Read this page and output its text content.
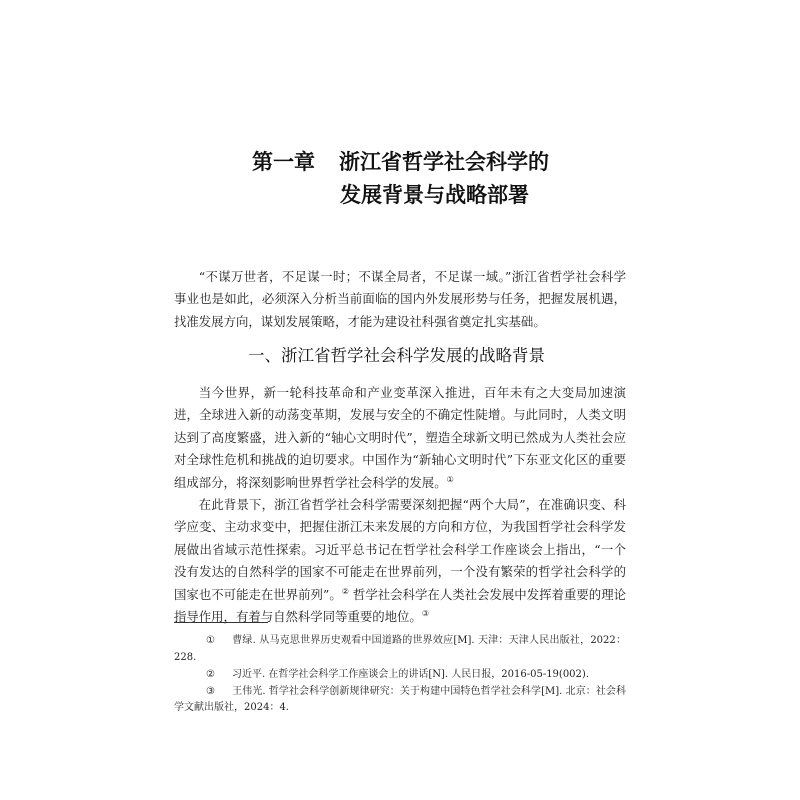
第一章 浙江省哲学社会科学的
发展背景与战略部署

“不谋万世者，不足谋一时；不谋全局者，不足谋一域。”浙江省哲学社会科学事业也是如此，必须深入分析当前面临的国内外发展形势与任务，把握发展机遇，找准发展方向，谋划发展策略，才能为建设社科强省奠定扎实基础。

一、浙江省哲学社会科学发展的战略背景

当今世界，新一轮科技革命和产业变革深入推进，百年未有之大变局加速演进，全球进入新的动荡变革期，发展与安全的不确定性陡增。与此同时，人类文明达到了高度繁盛，进入新的“轴心文明时代”，塑造全球新文明已然成为人类社会应对全球性危机和挑战的迫切要求。中国作为“新轴心文明时代”下东亚文化区的重要组成部分，将深刻影响世界哲学社会科学的发展。①

在此背景下，浙江省哲学社会科学需要深刻把握“两个大局”，在准确识变、科学应变、主动求变中，把握住浙江未来发展的方向和方位，为我国哲学社会科学发展做出省域示范性探索。习近平总书记在哲学社会科学工作座谈会上指出，“一个没有发达的自然科学的国家不可能走在世界前列，一个没有繁荣的哲学社会科学的国家也不可能走在世界前列”。② 哲学社会科学在人类社会发展中发挥着重要的理论指导作用，有着与自然科学同等重要的地位。③

① 曹绿. 从马克思世界历史观看中国道路的世界效应[M]. 天津：天津人民出版社，2022：228.

② 习近平. 在哲学社会科学工作座谈会上的讲话[N]. 人民日报，2016-05-19(002).

③ 王伟光. 哲学社会科学创新规律研究：关于构建中国特色哲学社会科学[M]. 北京：社会科学文献出版社，2024：4.
